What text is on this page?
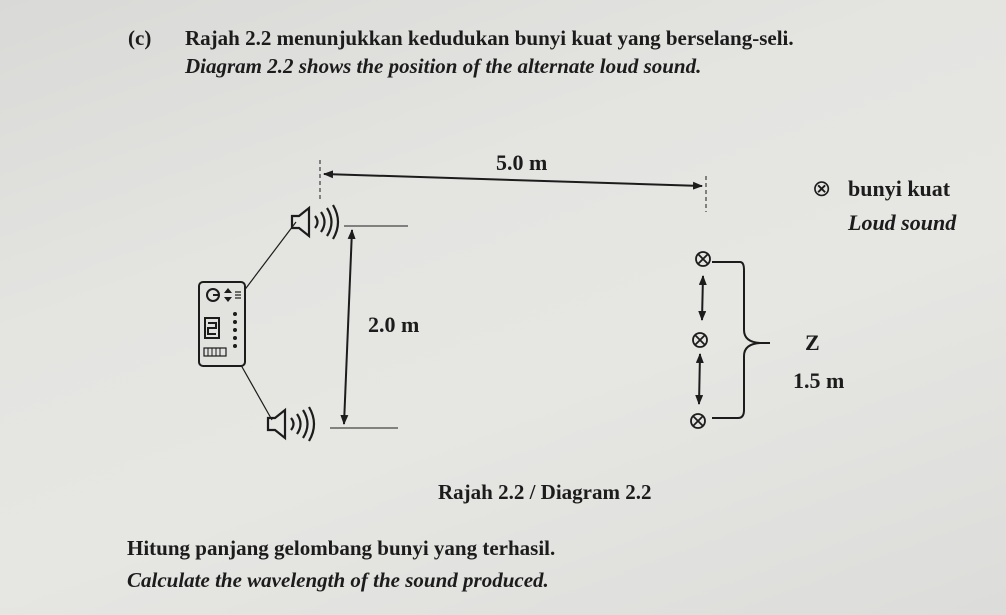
(c) Rajah 2.2 menunjukkan kedudukan bunyi kuat yang berselang-seli.
Diagram 2.2 shows the position of the alternate loud sound.
5.0 m
2.0 m
⊗ bunyi kuat
Loud sound
Z
1.5 m
Rajah 2.2 / Diagram 2.2
Hitung panjang gelombang bunyi yang terhasil.
Calculate the wavelength of the sound produced.
